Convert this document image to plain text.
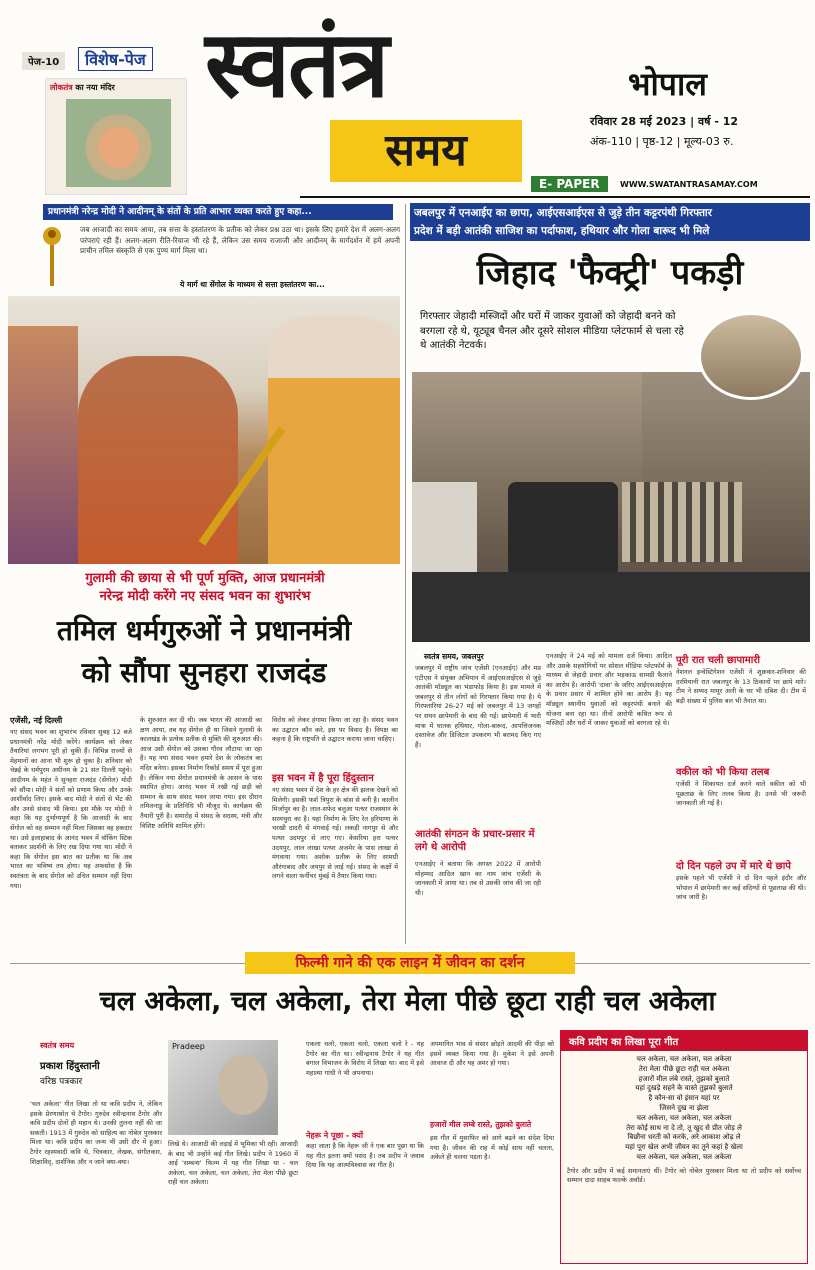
पेज-10	विशेष-पेज
लोकतंत्र का नया मंदिर स्वतंत्र
समय
भोपाल
रविवार 28 मई 2023 | वर्ष - 12
अंक-110 | पृष्ठ-12 | मूल्य-03 रु.
E- PAPER	WWW.SWATANTRASAMAY.COM
प्रधानमंत्री नरेन्द्र मोदी ने आदीनम् के संतों के प्रति आभार व्यक्त करते हुए कहा...
जब आजादी का समय आया, तब सत्ता के हस्तांतरण के प्रतीक को लेकर प्रश्न उठा था। इसके लिए हमारे देश में अलग-अलग परंपराएं रही हैं। अलग-अलग रीति-रिवाज भी रहे हैं, लेकिन उस समय राजाजी और आदीनम् के मार्गदर्शन में हमें अपनी प्राचीन तमिल संस्कृति से एक पुण्य मार्ग मिला था।
ये मार्ग था सेंगोल के माध्यम से सत्ता हस्तांतरण का...
गुलामी की छाया से भी पूर्ण मुक्ति, आज प्रधानमंत्री
नरेन्द्र मोदी करेंगे नए संसद भवन का शुभारंभ
तमिल धर्मगुरुओं ने प्रधानमंत्री
को सौंपा सुनहरा राजदंड
एजेंसी, नई दिल्ली
नए संसद भवन का शुभारंभ रविवार सुबह 12 बजे प्रधानमंत्री नरेंद्र मोदी करेंगे। कार्यक्रम को लेकर तैयारियां लगभग पूरी हो चुकी हैं। विभिन्न राज्यों से मेहमानों का आना भी शुरू हो चुका है। शनिवार को चेन्नई के धर्मपुरम अधीनम के 21 संत दिल्ली पहुंचे। आदीनम के महंत ने सुनहरा राजदंड (सेंगोल) मोदी को सौंपा। मोदी ने संतों को प्रणाम किया और उनके आशीर्वाद लिए। इसके बाद मोदी ने संतों से भेंट की और उनसे संवाद भी किया। इस मौके पर मोदी ने कहा कि यह दुर्भाग्यपूर्ण है कि आजादी के बाद सेंगोल को वह सम्मान नहीं मिला जिसका वह हकदार था। उसे इलाहाबाद के आनंद भवन में वॉकिंग स्टिक बताकर प्रदर्शनी के लिए रख दिया गया था। मोदी ने कहा कि सेंगोल इस बात का प्रतीक था कि अब भारत का भविष्य तय होगा। यह अफसोस है कि स्वतंत्रता के बाद सेंगोल को उचित सम्मान नहीं दिया गया।
के शुरुआत कर दी थी। जब भारत की आजादी का क्षण आया, तब यह सेंगोल ही था जिसने गुलामी के कालखंड के प्रत्येक प्रतीक से मुक्ति की शुरुआत की। आज उसी सेंगोल को उसका गौरव लौटाया जा रहा है। यह नया संसद भवन हमारे देश के लोकतंत्र का मंदिर बनेगा। इसका निर्माण रिकॉर्ड समय में पूरा हुआ है। लेकिन नया सेंगोल प्रधानमंत्री के आसन के पास स्थापित होगा। आनंद भवन में रखी गई छड़ी को सम्मान के साथ संसद भवन लाया गया। इस दौरान तमिलनाडु के प्रतिनिधि भी मौजूद थे। कार्यक्रम की तैयारी पूरी है। समारोह में संसद के सदस्य, मंत्री और विशिष्ट अतिथि शामिल होंगे।
विरोध को लेकर हंगामा किया जा रहा है। संसद भवन का उद्घाटन कौन करे, इस पर विवाद है। विपक्ष का कहना है कि राष्ट्रपति से उद्घाटन कराया जाना चाहिए।
इस भवन में है पूरा हिंदुस्तान
नए संसद भवन में देश के हर क्षेत्र की झलक देखने को मिलेगी। इसकी फर्श त्रिपुरा के बांस से बनी है। कालीन मिर्जापुर का है। लाल-सफेद बलुआ पत्थर राजस्थान के सरमथुरा का है। यहां निर्माण के लिए रेत हरियाणा के चरखी दादरी से मंगवाई गई। लकड़ी नागपुर से और पत्थर उदयपुर से लाए गए। केसरिया हरा पत्थर उदयपुर, लाल लाखा पत्थर अजमेर के पास लाखा से मंगवाया गया। अशोक प्रतीक के लिए सामग्री औरंगाबाद और जयपुर से लाई गई। संसद के कक्षों में लगने वाला फर्नीचर मुंबई में तैयार किया गया।
जबलपुर में एनआईए का छापा, आईएसआईएस से जुड़े तीन कट्टरपंथी गिरफ्तार
प्रदेश में बड़ी आतंकी साजिश का पर्दाफाश, हथियार और गोला बारूद भी मिले
जिहाद 'फैक्ट्री' पकड़ी
गिरफ्तार जेहादी मस्जिदों और घरों में जाकर युवाओं को जेहादी बनने को बरगला रहे थे, यूट्यूब चैनल और दूसरे सोशल मीडिया प्लेटफार्म से चला रहे थे आतंकी नेटवर्क।
स्वतंत्र समय, जबलपुर
जबलपुर में राष्ट्रीय जांच एजेंसी (एनआईए) और मप्र एटीएस ने संयुक्त अभियान में आईएसआईएस से जुड़े आतंकी मॉड्यूल का भंडाफोड़ किया है। इस मामले में जबलपुर से तीन लोगों को गिरफ्तार किया गया है। ये गिरफ्तारियां 26-27 मई को जबलपुर में 13 जगहों पर सघन छापेमारी के बाद की गईं। छापेमारी में भारी मात्रा में घातक हथियार, गोला-बारूद, आपत्तिजनक दस्तावेज और डिजिटल उपकरण भी बरामद किए गए हैं।
आतंकी संगठन के प्रचार-प्रसार में लगे थे आरोपी
एनआईए ने बताया कि अगस्त 2022 में आरोपी मोहम्मद आदिल खान का नाम जांच एजेंसी के जानकारी में आया था। तब से उसकी जांच की जा रही थी।
एनआईए ने 24 मई को मामला दर्ज किया। आदिल और उसके सहयोगियों पर सोशल मीडिया प्लेटफॉर्म के माध्यम से जेहादी प्रचार और भड़काऊ सामग्री फैलाने का आरोप है। आरोपी 'दावा' के जरिए आईएसआईएस के प्रचार प्रसार में शामिल होने का आरोप है। यह मॉड्यूल स्थानीय युवाओं को कट्टरपंथी बनाने की योजना बना रहा था। तीनों आरोपी कथित रूप से मस्जिदों और घरों में जाकर युवाओं को बरगला रहे थे।
पूरी रात चली छापामारी
नेशनल इन्वेस्टिगेशन एजेंसी ने शुक्रवार-शनिवार की दरमियानी रात जबलपुर के 13 ठिकानों पर छापे मारे। टीम ने सय्यद मामूर अली के घर भी दबिश दी। टीम में बड़ी संख्या में पुलिस बल भी तैनात था।
वकील को भी किया तलब
एजेंसी ने शिकायत दर्ज करने वाले वकील को भी पूछताछ के लिए तलब किया है। उनसे भी जरूरी जानकारी ली गई है।
दो दिन पहले उप में मारे थे छापे
इसके पहले भी एजेंसी ने दो दिन पहले इंदौर और भोपाल में छापेमारी कर कई संदिग्धों से पूछताछ की थी। जांच जारी है।
फिल्मी गाने की एक लाइन में जीवन का दर्शन
चल अकेला, चल अकेला, तेरा मेला पीछे छूटा राही चल अकेला
स्वतंत्र समय
प्रकाश हिंदुस्तानी
वरिष्ठ पत्रकार
'चल अकेला' गीत लिखा तो था कवि प्रदीप ने, लेकिन इसके प्रेरणास्रोत थे टैगोर। गुरुदेव रवीन्द्रनाथ टैगोर और कवि प्रदीप दोनों ही महान थे। उनकी तुलना नहीं की जा सकती। 1913 में गुरुदेव को साहित्य का नोबेल पुरस्कार मिला था। कवि प्रदीप का जन्म भी उसी दौर में हुआ। टैगोर रहस्यवादी कवि थे, चित्रकार, लेखक, संगीतकार, शिक्षाविद्, दार्शनिक और न जाने क्या-क्या।
Pradeep
लिखे थे। आजादी की लड़ाई में भूमिका भी रही। आजादी के बाद भी उन्होंने कई गीत लिखे। प्रदीप ने 1960 में आई 'सम्बन्ध' फिल्म में यह गीत लिखा था - चल अकेला, चल अकेला, चल अकेला, तेरा मेला पीछे छूटा राही चल अकेला।
एकला चलो, एकला चलो, एकला चलो रे - यह टैगोर का गीत था। रवीन्द्रनाथ टैगोर ने यह गीत बंगाल विभाजन के विरोध में लिखा था। बाद में इसे महात्मा गांधी ने भी अपनाया।
नेहरू ने पूछा - क्यों
कहा जाता है कि नेहरू जी ने एक बार पूछा था कि यह गीत इतना क्यों पसंद है। तब प्रदीप ने जवाब दिया कि यह आत्मविश्वास का गीत है।
अपमानित भाव से संसार छोड़ते आदमी की पीड़ा को इसमें व्यक्त किया गया है। मुकेश ने इसे अपनी आवाज दी और यह अमर हो गया।
हजारों मील लम्बे रास्ते, तुझको बुलाते
इस गीत में मुसाफिर को आगे बढ़ने का संदेश दिया गया है। जीवन की राह में कोई साथ नहीं चलता, अकेले ही चलना पड़ता है।
कवि प्रदीप का लिखा पूरा गीत
चल अकेला, चल अकेला, चल अकेला
तेरा मेला पीछे छूटा राही चल अकेला
हजारों मील लंबे रास्ते, तुझको बुलाते
यहां दुखड़े सहने के वास्ते तुझको बुलाते
है कौन-सा वो इंसान यहां पर
जिसने दुख ना झेला
चल अकेला, चल अकेला, चल अकेला
तेरा कोई साथ ना दे तो, तू खुद से प्रीत जोड़ ले
बिछौना धरती को करके, अरे आकाश ओढ़ ले
यहां पूरा खेल अभी जीवन का तूने कहां है खेला
चल अकेला, चल अकेला, चल अकेला
टैगोर और प्रदीप में कई समानताएं थीं। टैगोर को नोबेल पुरस्कार मिला था तो प्रदीप को सर्वोच्च सम्मान दादा साहब फाल्के अवॉर्ड।
